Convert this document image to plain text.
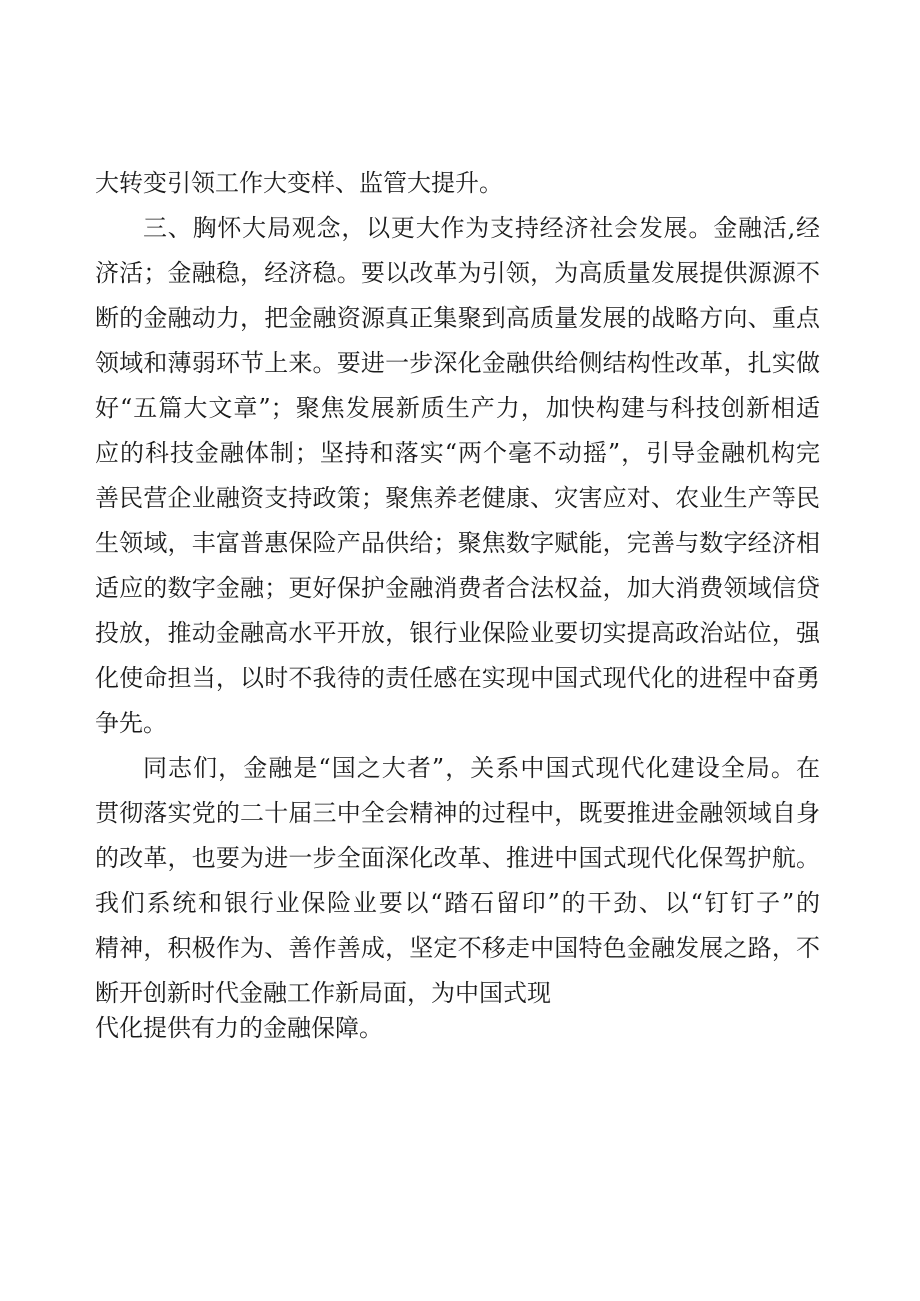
大转变引领工作大变样、监管大提升。
三、胸怀大局观念，以更大作为支持经济社会发展。金融活,经
济活；金融稳，经济稳。要以改革为引领，为高质量发展提供源源不
断的金融动力，把金融资源真正集聚到高质量发展的战略方向、重点
领域和薄弱环节上来。要进一步深化金融供给侧结构性改革，扎实做
好“五篇大文章”；聚焦发展新质生产力，加快构建与科技创新相适
应的科技金融体制；坚持和落实“两个毫不动摇”，引导金融机构完
善民营企业融资支持政策；聚焦养老健康、灾害应对、农业生产等民
生领域，丰富普惠保险产品供给；聚焦数字赋能，完善与数字经济相
适应的数字金融；更好保护金融消费者合法权益，加大消费领域信贷
投放，推动金融高水平开放，银行业保险业要切实提高政治站位，强
化使命担当，以时不我待的责任感在实现中国式现代化的进程中奋勇
争先。
同志们，金融是“国之大者”，关系中国式现代化建设全局。在
贯彻落实党的二十届三中全会精神的过程中，既要推进金融领域自身
的改革，也要为进一步全面深化改革、推进中国式现代化保驾护航。
我们系统和银行业保险业要以“踏石留印”的干劲、以“钉钉子”的
精神，积极作为、善作善成，坚定不移走中国特色金融发展之路，不
断开创新时代金融工作新局面，为中国式现
代化提供有力的金融保障。
